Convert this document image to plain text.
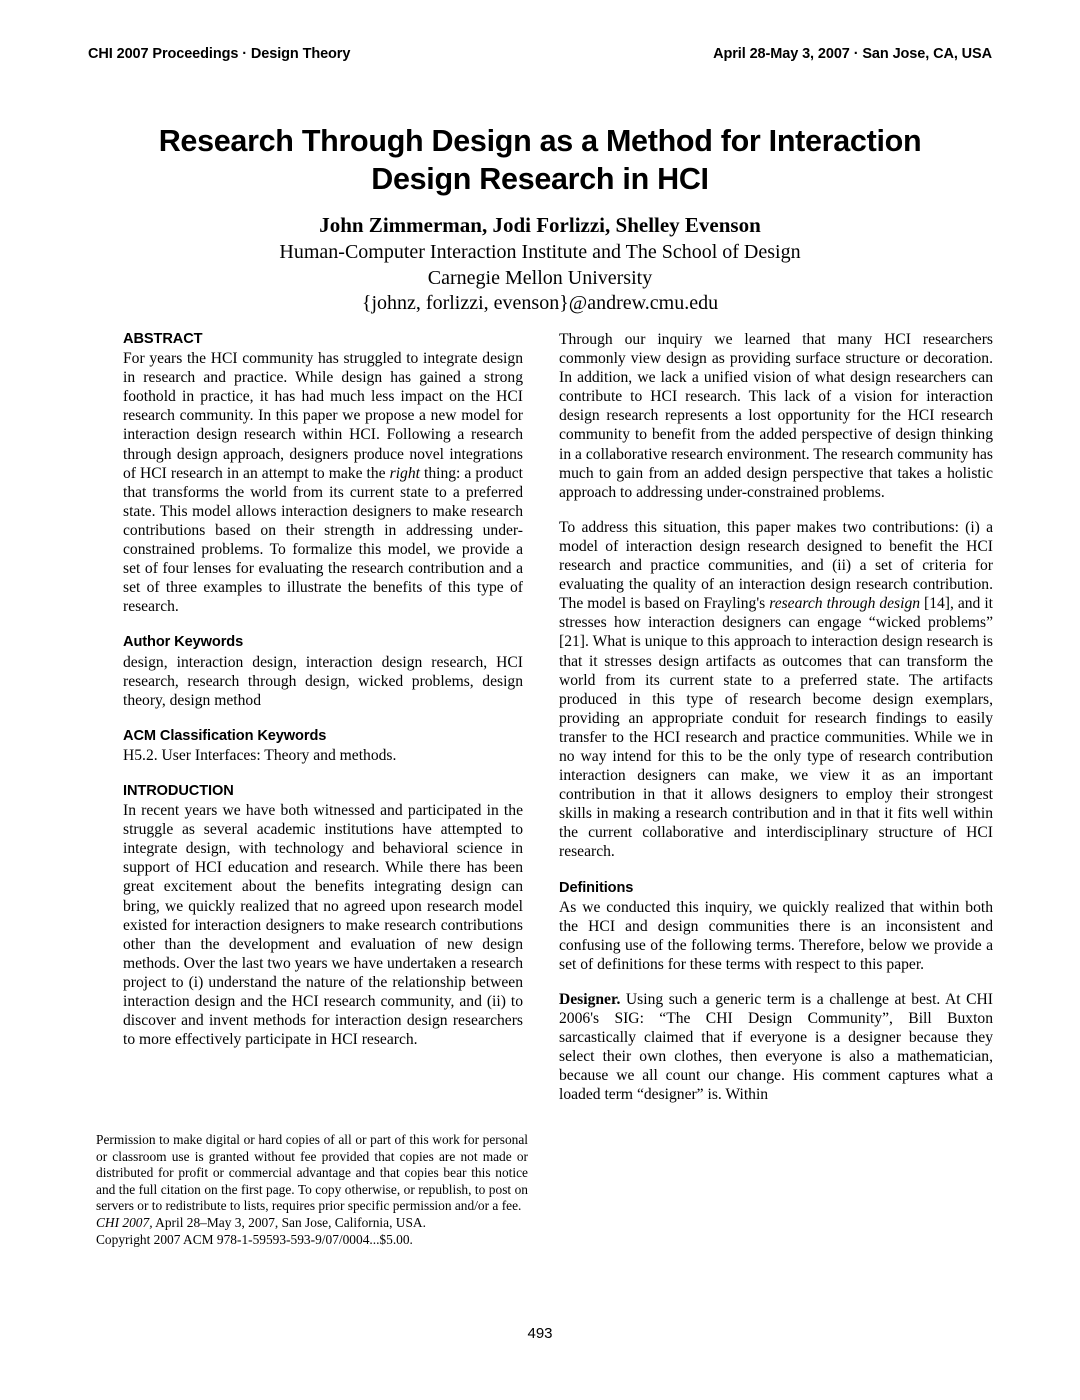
CHI 2007 Proceedings · Design Theory	April 28-May 3, 2007 · San Jose, CA, USA
Research Through Design as a Method for Interaction Design Research in HCI

John Zimmerman, Jodi Forlizzi, Shelley Evenson

Human-Computer Interaction Institute and The School of Design

Carnegie Mellon University

{johnz, forlizzi, evenson}@andrew.cmu.edu

ABSTRACT

For years the HCI community has struggled to integrate design in research and practice. While design has gained a strong foothold in practice, it has had much less impact on the HCI research community. In this paper we propose a new model for interaction design research within HCI. Following a research through design approach, designers produce novel integrations of HCI research in an attempt to make the right thing: a product that transforms the world from its current state to a preferred state. This model allows interaction designers to make research contributions based on their strength in addressing under-constrained problems. To formalize this model, we provide a set of four lenses for evaluating the research contribution and a set of three examples to illustrate the benefits of this type of research.

Author Keywords

design, interaction design, interaction design research, HCI research, research through design, wicked problems, design theory, design method

ACM Classification Keywords

H5.2. User Interfaces: Theory and methods.

INTRODUCTION

In recent years we have both witnessed and participated in the struggle as several academic institutions have attempted to integrate design, with technology and behavioral science in support of HCI education and research. While there has been great excitement about the benefits integrating design can bring, we quickly realized that no agreed upon research model existed for interaction designers to make research contributions other than the development and evaluation of new design methods. Over the last two years we have undertaken a research project to (i) understand the nature of the relationship between interaction design and the HCI research community, and (ii) to discover and invent methods for interaction design researchers to more effectively participate in HCI research.

Through our inquiry we learned that many HCI researchers commonly view design as providing surface structure or decoration. In addition, we lack a unified vision of what design researchers can contribute to HCI research. This lack of a vision for interaction design research represents a lost opportunity for the HCI research community to benefit from the added perspective of design thinking in a collaborative research environment. The research community has much to gain from an added design perspective that takes a holistic approach to addressing under-constrained problems.

To address this situation, this paper makes two contributions: (i) a model of interaction design research designed to benefit the HCI research and practice communities, and (ii) a set of criteria for evaluating the quality of an interaction design research contribution. The model is based on Frayling's research through design [14], and it stresses how interaction designers can engage “wicked problems” [21]. What is unique to this approach to interaction design research is that it stresses design artifacts as outcomes that can transform the world from its current state to a preferred state. The artifacts produced in this type of research become design exemplars, providing an appropriate conduit for research findings to easily transfer to the HCI research and practice communities. While we in no way intend for this to be the only type of research contribution interaction designers can make, we view it as an important contribution in that it allows designers to employ their strongest skills in making a research contribution and in that it fits well within the current collaborative and interdisciplinary structure of HCI research.

Definitions

As we conducted this inquiry, we quickly realized that within both the HCI and design communities there is an inconsistent and confusing use of the following terms. Therefore, below we provide a set of definitions for these terms with respect to this paper.

Designer. Using such a generic term is a challenge at best. At CHI 2006's SIG: “The CHI Design Community”, Bill Buxton sarcastically claimed that if everyone is a designer because they select their own clothes, then everyone is also a mathematician, because we all count our change. His comment captures what a loaded term “designer” is. Within

Permission to make digital or hard copies of all or part of this work for personal or classroom use is granted without fee provided that copies are not made or distributed for profit or commercial advantage and that copies bear this notice and the full citation on the first page. To copy otherwise, or republish, to post on servers or to redistribute to lists, requires prior specific permission and/or a fee.

CHI 2007, April 28–May 3, 2007, San Jose, California, USA.

Copyright 2007 ACM 978-1-59593-593-9/07/0004...$5.00.

493
